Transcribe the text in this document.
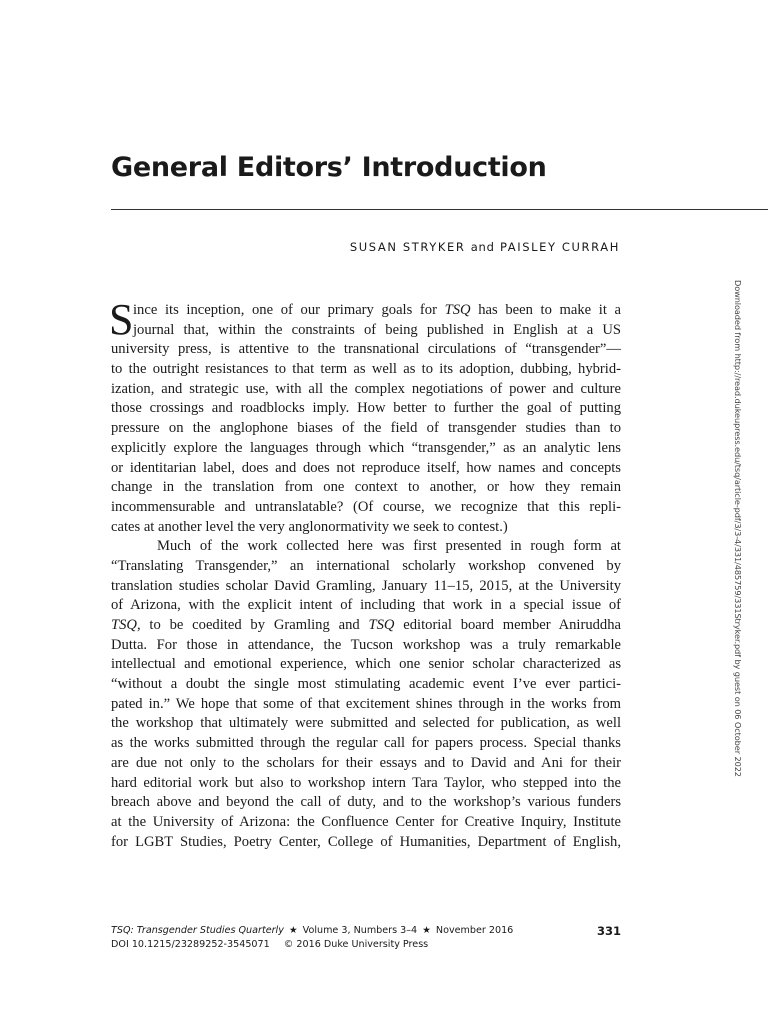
General Editors’ Introduction
SUSAN STRYKER and PAISLEY CURRAH
S ince its inception, one of our primary goals for TSQ has been to make it a
journal that, within the constraints of being published in English at a US
university press, is attentive to the transnational circulations of “transgender”—
to the outright resistances to that term as well as to its adoption, dubbing, hybrid-
ization, and strategic use, with all the complex negotiations of power and culture
those crossings and roadblocks imply. How better to further the goal of putting
pressure on the anglophone biases of the field of transgender studies than to
explicitly explore the languages through which “transgender,” as an analytic lens
or identitarian label, does and does not reproduce itself, how names and concepts
change in the translation from one context to another, or how they remain
incommensurable and untranslatable? (Of course, we recognize that this repli-
cates at another level the very anglonormativity we seek to contest.)
Much of the work collected here was first presented in rough form at
“Translating Transgender,” an international scholarly workshop convened by
translation studies scholar David Gramling, January 11–15, 2015, at the University
of Arizona, with the explicit intent of including that work in a special issue of
TSQ, to be coedited by Gramling and TSQ editorial board member Aniruddha
Dutta. For those in attendance, the Tucson workshop was a truly remarkable
intellectual and emotional experience, which one senior scholar characterized as
“without a doubt the single most stimulating academic event I’ve ever partici-
pated in.” We hope that some of that excitement shines through in the works from
the workshop that ultimately were submitted and selected for publication, as well
as the works submitted through the regular call for papers process. Special thanks
are due not only to the scholars for their essays and to David and Ani for their
hard editorial work but also to workshop intern Tara Taylor, who stepped into the
breach above and beyond the call of duty, and to the workshop’s various funders
at the University of Arizona: the Confluence Center for Creative Inquiry, Institute
for LGBT Studies, Poetry Center, College of Humanities, Department of English,
TSQ: Transgender Studies Quarterly ★ Volume 3, Numbers 3–4 ★ November 2016	331
DOI 10.1215/23289252-3545071 © 2016 Duke University Press
Downloaded from http://read.dukeupress.edu/tsq/article-pdf/3/3-4/331/485759/331Stryker.pdf by guest on 06 October 2022
